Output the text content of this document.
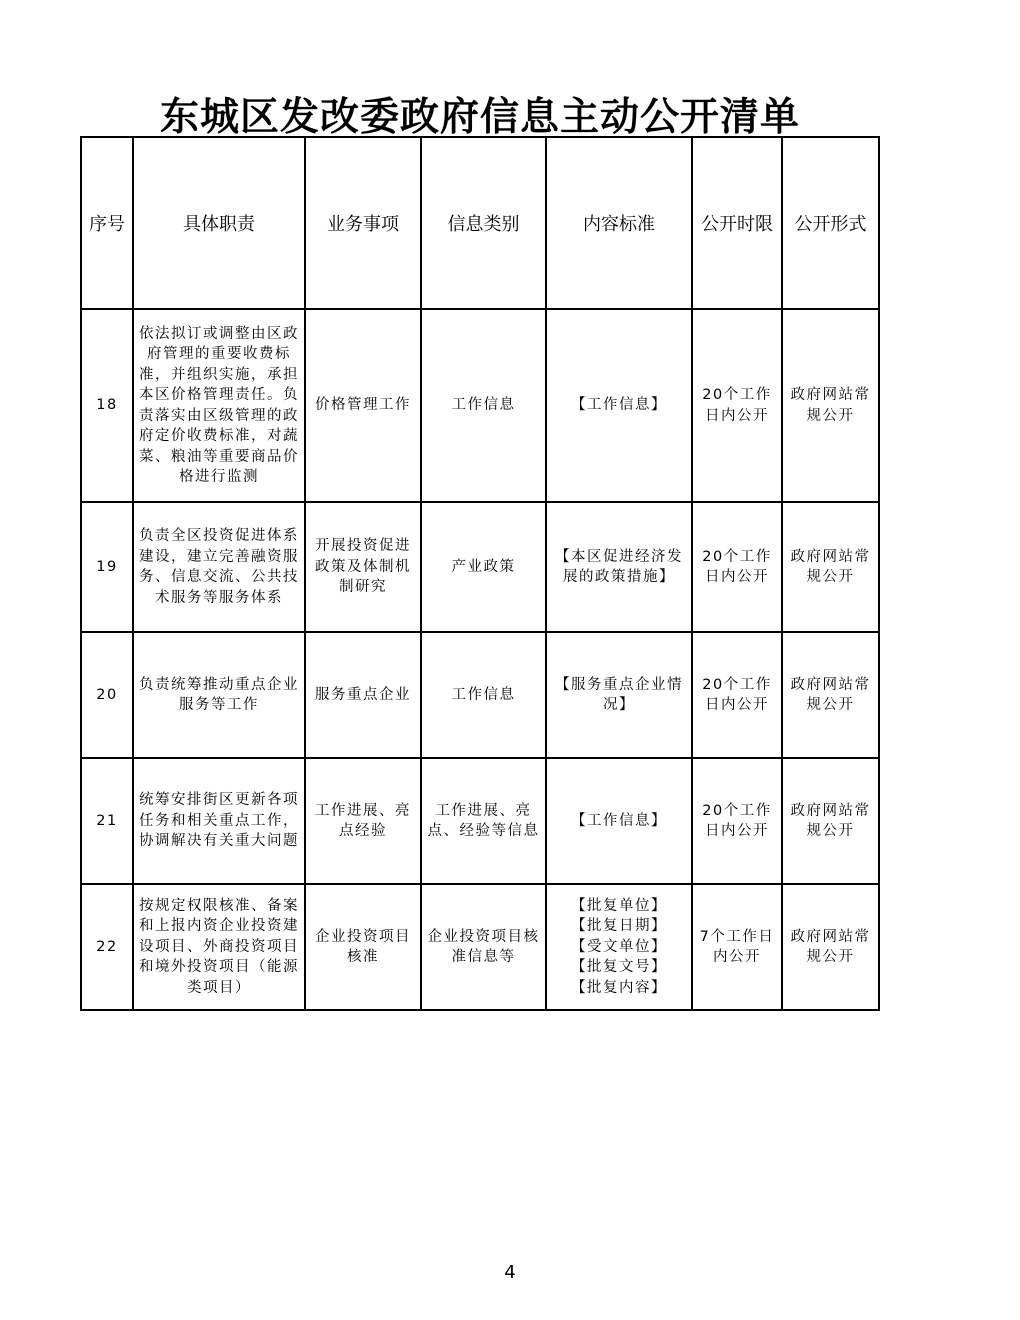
东城区发改委政府信息主动公开清单
序号	具体职责	业务事项	信息类别	内容标准	公开时限	公开形式
18	依法拟订或调整由区政府管理的重要收费标准，并组织实施，承担本区价格管理责任。负责落实由区级管理的政府定价收费标准，对蔬菜、粮油等重要商品价格进行监测	价格管理工作	工作信息	【工作信息】	20个工作日内公开	政府网站常规公开
19	负责全区投资促进体系建设，建立完善融资服务、信息交流、公共技术服务等服务体系	开展投资促进政策及体制机制研究	产业政策	【本区促进经济发展的政策措施】	20个工作日内公开	政府网站常规公开
20	负责统筹推动重点企业服务等工作	服务重点企业	工作信息	【服务重点企业情况】	20个工作日内公开	政府网站常规公开
21	统筹安排街区更新各项任务和相关重点工作，协调解决有关重大问题	工作进展、亮点经验	工作进展、亮点、经验等信息	【工作信息】	20个工作日内公开	政府网站常规公开
22	按规定权限核准、备案和上报内资企业投资建设项目、外商投资项目和境外投资项目（能源类项目）	企业投资项目核准	企业投资项目核准信息等	【批复单位】
【批复日期】
【受文单位】
【批复文号】
【批复内容】	7个工作日内公开	政府网站常规公开
4
